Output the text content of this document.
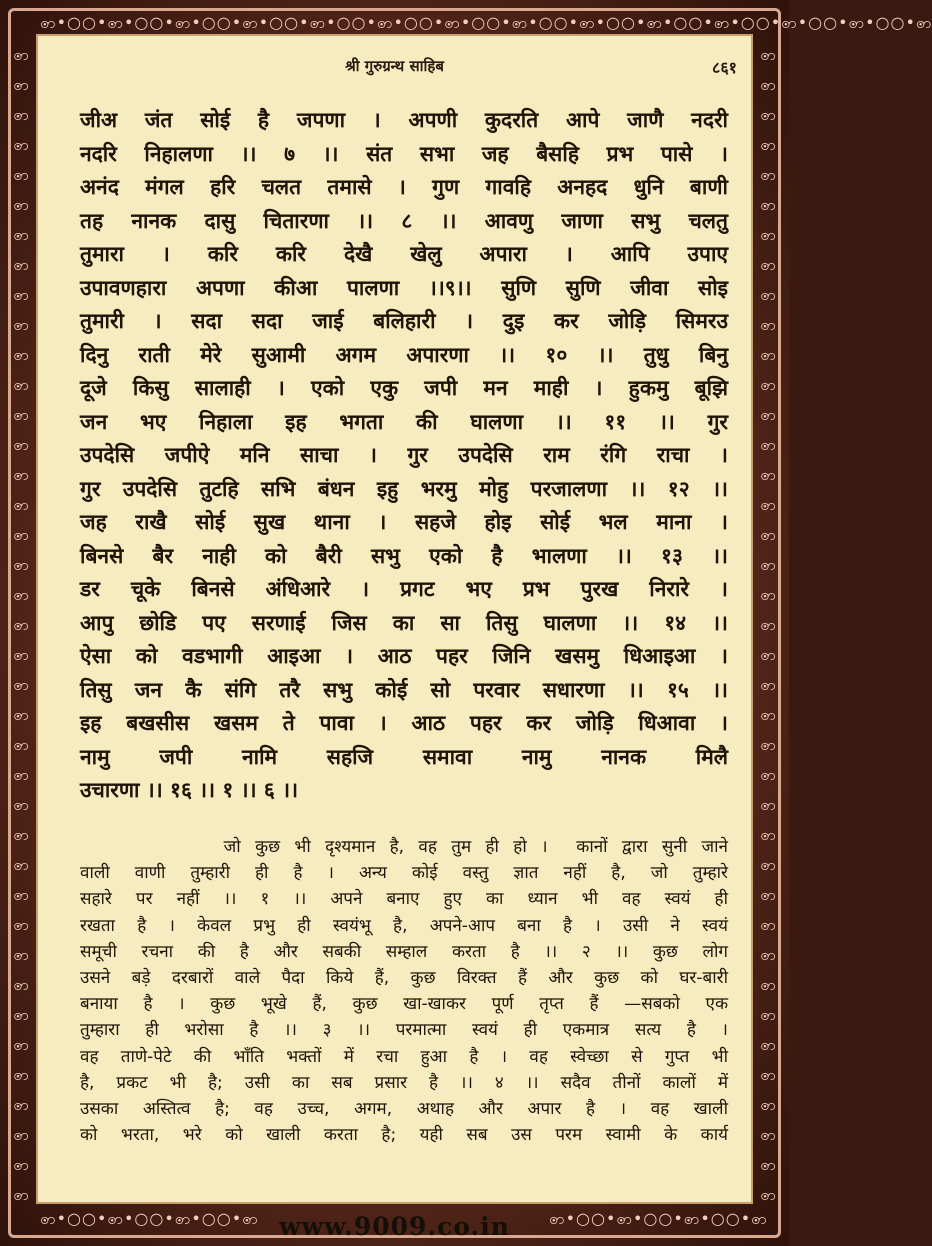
ꩦ•○○•ꩦ•○○•ꩦ•○○•ꩦ•○○•ꩦ•○○•ꩦ•○○•ꩦ•○○•ꩦ•○○•ꩦ•○○•ꩦ•○○•ꩦ•○○•ꩦ•○○•ꩦ•○○•ꩦ
ꩦ•○○•ꩦ•○○•ꩦ•○○•ꩦ	ꩦ•○○•ꩦ•○○•ꩦ•○○•ꩦ
ꩦꩦꩦꩦꩦꩦꩦꩦꩦꩦꩦꩦꩦꩦꩦꩦꩦꩦꩦꩦꩦꩦꩦꩦꩦꩦꩦꩦꩦꩦꩦꩦꩦꩦꩦꩦꩦꩦꩦ
ꩦꩦꩦꩦꩦꩦꩦꩦꩦꩦꩦꩦꩦꩦꩦꩦꩦꩦꩦꩦꩦꩦꩦꩦꩦꩦꩦꩦꩦꩦꩦꩦꩦꩦꩦꩦꩦꩦꩦ
श्री गुरुग्रन्थ साहिब	८६१
जीअ जंत सोई है जपणा । अपणी कुदरति आपे जाणै नदरी
नदरि निहालणा ।। ७ ।। संत सभा जह बैसहि प्रभ पासे ।
अनंद मंगल हरि चलत तमासे । गुण गावहि अनहद धुनि बाणी
तह नानक दासु चितारणा ।। ८ ।। आवणु जाणा सभु चलतु
तुमारा । करि करि देखै खेलु अपारा । आपि उपाए
उपावणहारा अपणा कीआ पालणा ।।९।। सुणि सुणि जीवा सोइ
तुमारी । सदा सदा जाई बलिहारी । दुइ कर जोड़ि सिमरउ
दिनु राती मेरे सुआमी अगम अपारणा ।। १० ।। तुधु बिनु
दूजे किसु सालाही । एको एकु जपी मन माही । हुकमु बूझि
जन भए निहाला इह भगता की घालणा ।। ११ ।। गुर
उपदेसि जपीऐ मनि साचा । गुर उपदेसि राम रंगि राचा ।
गुर उपदेसि तुटहि सभि बंधन इहु भरमु मोहु परजालणा ।। १२ ।।
जह राखै सोई सुख थाना । सहजे होइ सोई भल माना ।
बिनसे बैर नाही को बैरी सभु एको है भालणा ।। १३ ।।
डर चूके बिनसे अंधिआरे । प्रगट भए प्रभ पुरख निरारे ।
आपु छोडि पए सरणाई जिस का सा तिसु घालणा ।। १४ ।।
ऐसा को वडभागी आइआ । आठ पहर जिनि खसमु धिआइआ ।
तिसु जन कै संगि तरै सभु कोई सो परवार सधारणा ।। १५ ।।
इह बखसीस खसम ते पावा । आठ पहर कर जोड़ि धिआवा ।
नामु जपी नामि सहजि समावा नामु नानक मिलै
उचारणा ।। १६ ।। १ ।। ६ ।।
जो कुछ भी दृश्यमान है, वह तुम ही हो ।  कानों द्वारा सुनी जाने
वाली वाणी तुम्हारी ही है । अन्य कोई वस्तु ज्ञात नहीं है, जो तुम्हारे
सहारे पर नहीं ।। १ ।। अपने बनाए हुए का ध्यान भी वह स्वयं ही
रखता है । केवल प्रभु ही स्वयंभू है, अपने-आप बना है । उसी ने स्वयं
समूची रचना की है और सबकी सम्हाल करता है ।। २ ।। कुछ लोग
उसने बड़े दरबारों वाले पैदा किये हैं, कुछ विरक्त हैं और कुछ को घर-बारी
बनाया है । कुछ भूखे हैं, कुछ खा-खाकर पूर्ण तृप्त हैं —सबको एक
तुम्हारा ही भरोसा है ।। ३ ।। परमात्मा स्वयं ही एकमात्र सत्य है ।
वह ताणे-पेटे की भाँति भक्तों में रचा हुआ है । वह स्वेच्छा से गुप्त भी
है, प्रकट भी है; उसी का सब प्रसार है ।। ४ ।। सदैव तीनों कालों में
उसका अस्तित्व है; वह उच्च, अगम, अथाह और अपार है । वह खाली
को भरता, भरे को खाली करता है; यही सब उस परम स्वामी के कार्य
www.9009.co.in
